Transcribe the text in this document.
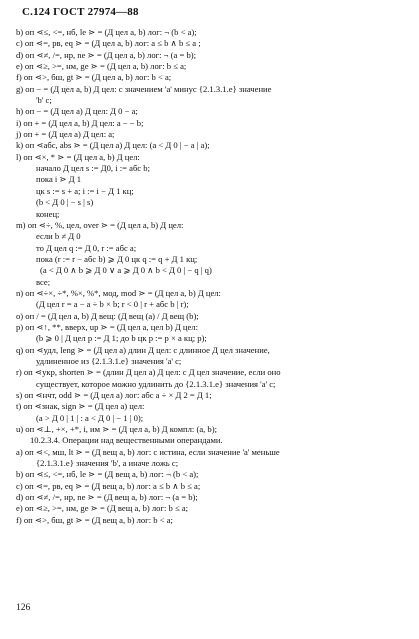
С.124 ГОСТ 27974—88
b) оп ⋖≤, <=, нб, le ⋗ = (Д цел a, b) лог: ¬ (b < a);
c) оп ⋖=, рв, eq ⋗ = (Д цел a, b) лог: a ≤ b ∧ b ≤ a ;
d) оп ⋖≠, /=, нр, ne ⋗ = (Д цел a, b) лог: ¬ (a = b);
e) оп ⋖≥, >=, нм, ge ⋗ = (Д цел a, b) лог: b ≤ a;
f) оп ⋖>, бш, gt ⋗ = (Д цел a, b) лог: b < a;
g) оп − = (Д цел a, b) Д цел: с значением 'a' минус {2.1.3.1.e} значение
'b' c;
h) оп − = (Д цел a) Д цел: Д 0 − a;
i) оп + = (Д цел a, b) Д цел: a − − b;
j) оп + = (Д цел a) Д цел: a;
k) оп ⋖абс, abs ⋗ = (Д цел a) Д цел: (a < Д 0 | − a | a);
l) оп ⋖×, * ⋗ = (Д цел a, b) Д цел:
начало Д цел s := Д0, i := абс b;
пока i ⋗ Д 1
цк s := s + a; i := i − Д 1 кц;
(b < Д 0 | − s | s)
конец;
m) оп ⋖÷, %, цел, over ⋗ = (Д цел a, b) Д цел:
если b ≠ Д 0
то Д цел q := Д 0, r := абс a;
пока (r := r − абс b) ⩾ Д 0 цк q := q + Д 1 кц;
(a < Д 0 ∧ b ⩾ Д 0 ∨ a ⩾ Д 0 ∧ b < Д 0 | − q | q)
все;
n) оп ⋖÷×, ÷*, %×, %*, мод, mod ⋗ = (Д цел a, b) Д цел:
(Д цел r = a − a ÷ b × b; r < 0 | r + абс b | r);
o) оп / = (Д цел a, b) Д вещ: (Д вещ (a) / Д вещ (b);
p) оп ⋖↑, **, вверх, up ⋗ = (Д цел a, цел b) Д цел:
(b ⩾ 0 | Д цел p := Д 1; до b цк p := p × a кц; p);
q) оп ⋖удл, leng ⋗ = (Д цел a) длин Д цел: с длинное Д цел значение,
удлиненное из {2.1.3.1.e} значения 'a' c;
r) оп ⋖укр, shorten ⋗ = (длин Д цел a) Д цел: с Д цел значение, если оно
существует, которое можно удлинить до {2.1.3.1.e} значения 'a' c;
s) оп ⋖нчт, odd ⋗ = (Д цел a) лог: абс a ÷ × Д 2 = Д 1;
t) оп ⋖знак, sign ⋗ = (Д цел a) цел:
(a > Д 0 | 1 | : a < Д 0 | − 1 | 0);
u) оп ⋖⊥, +×, +*, i, им ⋗ = (Д цел a, b) Д компл: (a, b);
10.2.3.4. Операции над вещественными операндами.
a) оп ⋖<, мш, lt ⋗ = (Д вещ a, b) лог: с истина, если значение 'a' меньше
{2.1.3.1.e} значения 'b', а иначе ложь c;
b) оп ⋖≤, <=, нб, le ⋗ = (Д вещ a, b) лог: ¬ (b < a);
c) оп ⋖=, рв, eq ⋗ = (Д вещ a, b) лог: a ≤ b ∧ b ≤ a;
d) оп ⋖≠, /=, нр, ne ⋗ = (Д вещ a, b) лог: ¬ (a = b);
e) оп ⋖≥, >=, нм, ge ⋗ = (Д вещ a, b) лог: b ≤ a;
f) оп ⋖>, бш, gt ⋗ = (Д вещ a, b) лог: b < a;
126
